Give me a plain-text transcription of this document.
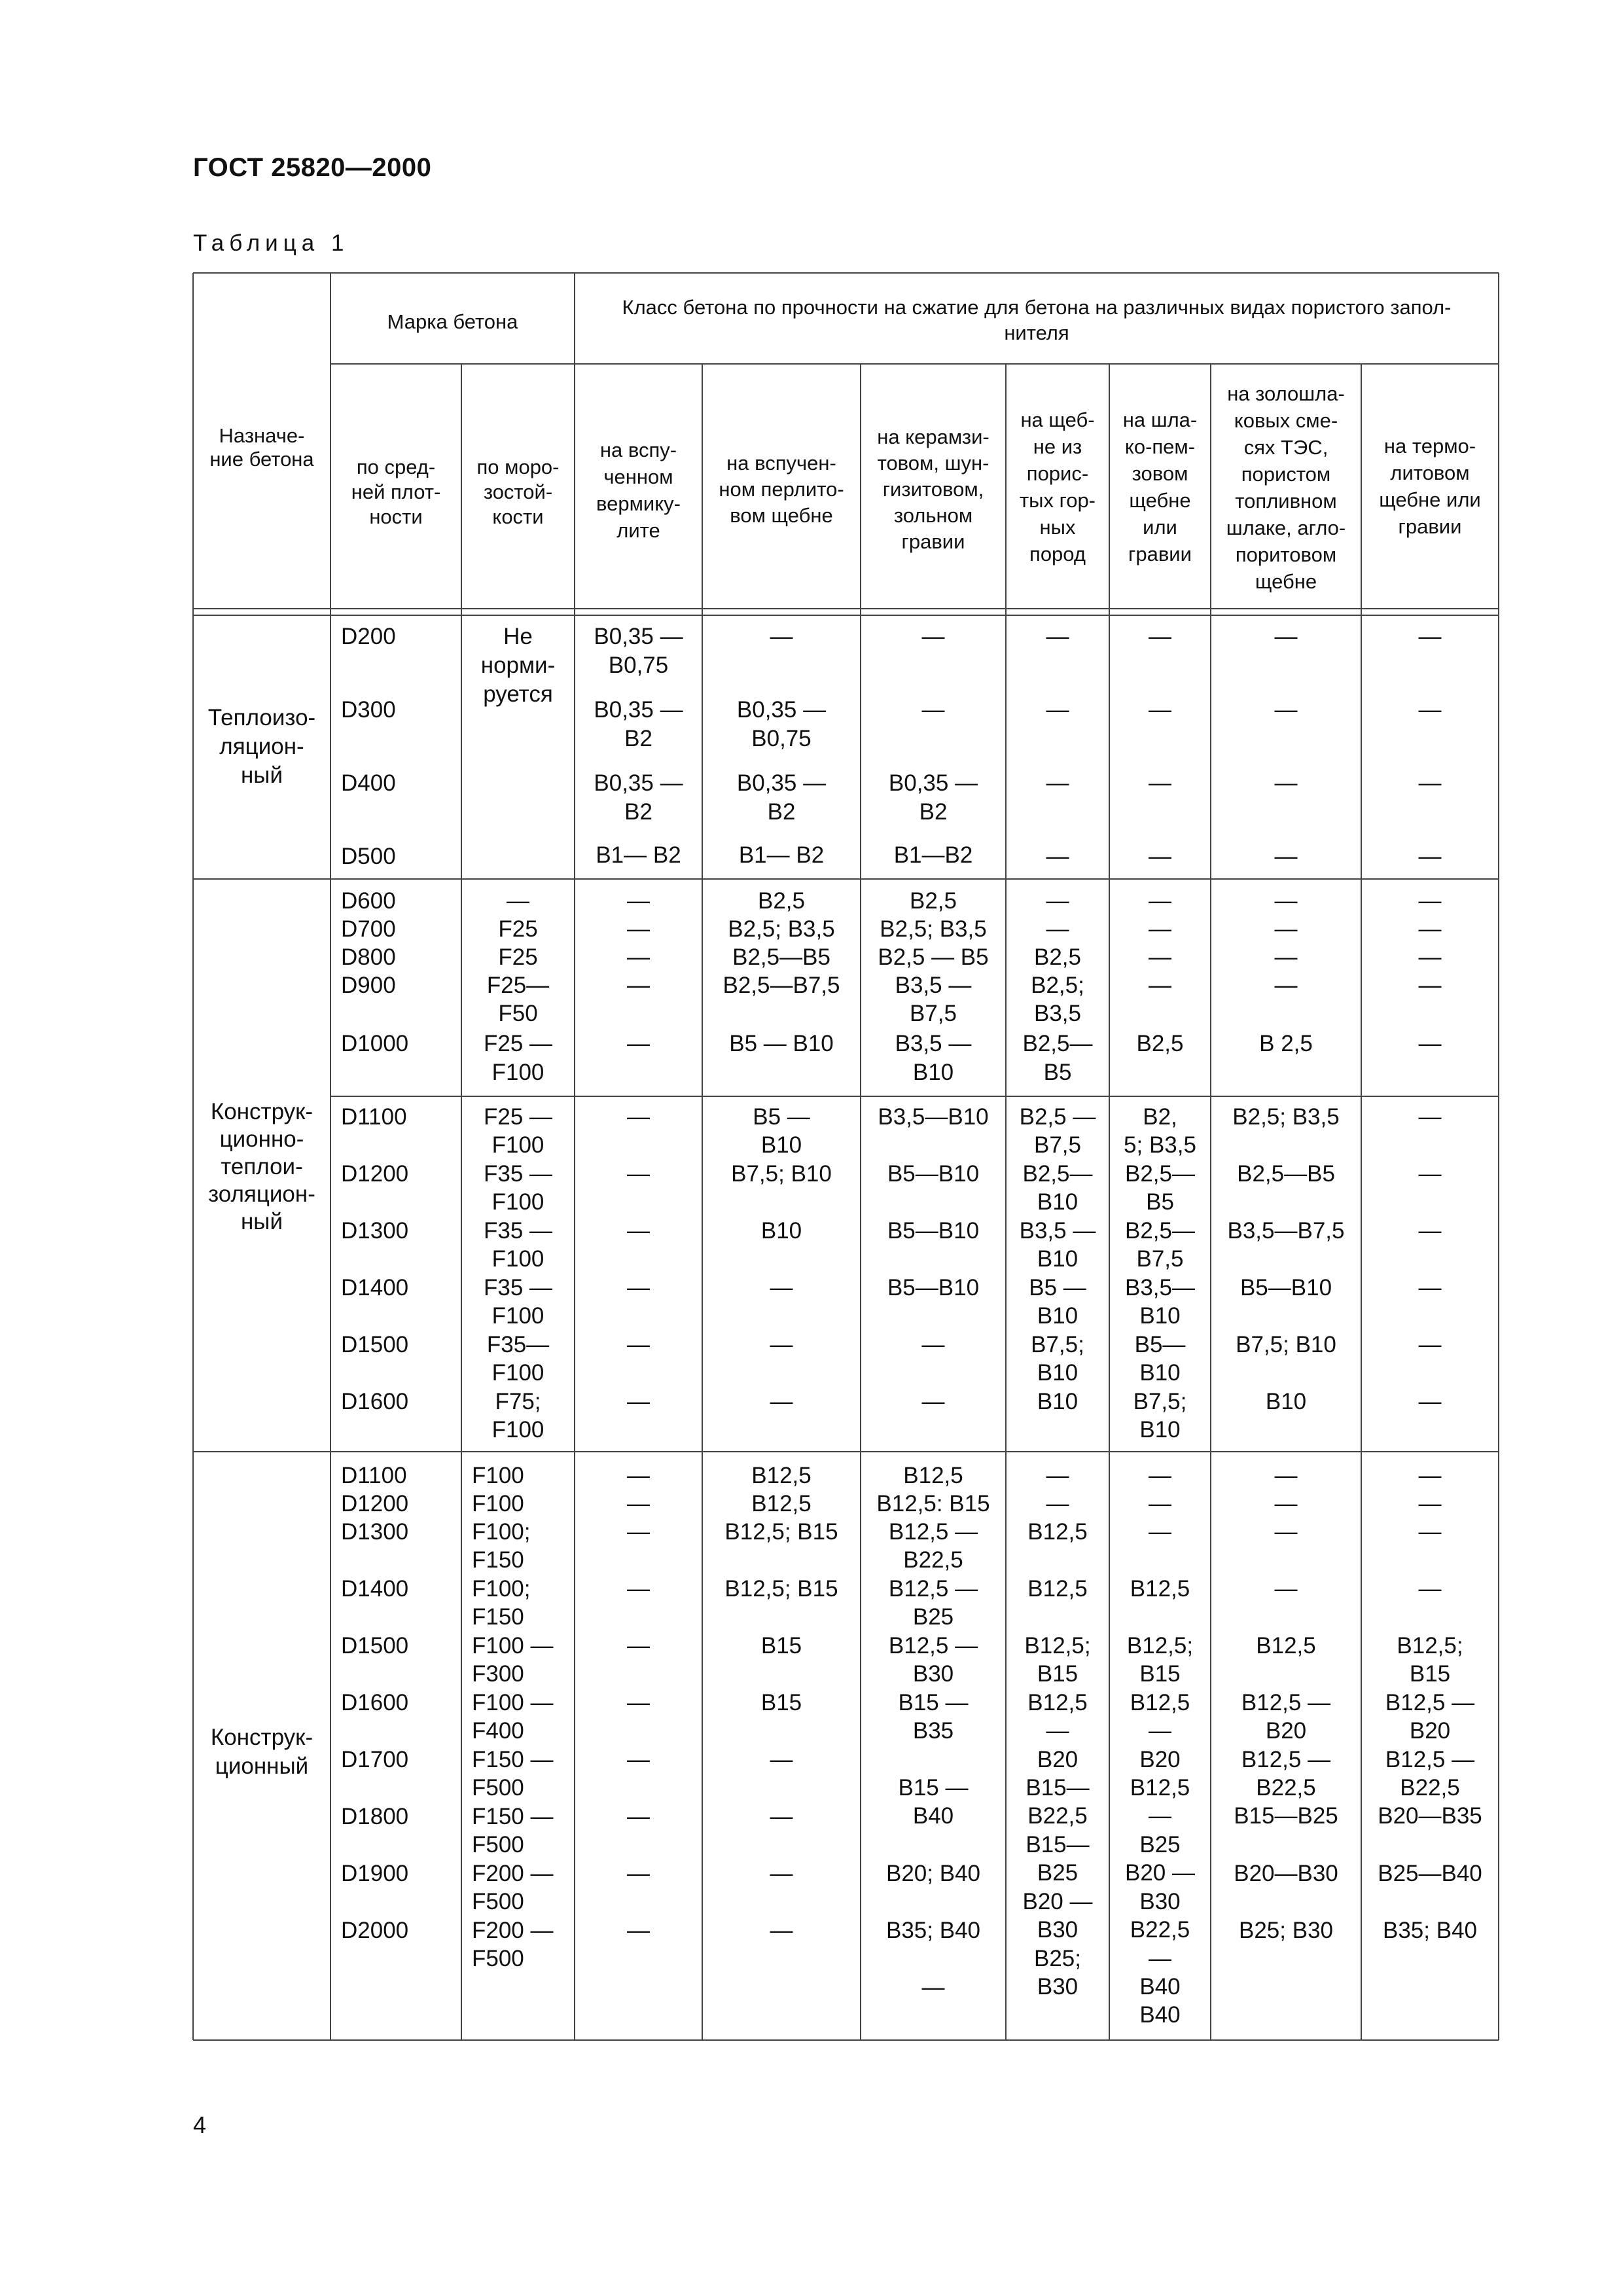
ГОСТ 25820—2000
Таблица 1
4
Назначе-
ние бетона
Марка бетона
Класс бетона по прочности на сжатие для бетона на различных видах пористого запол-
нителя
по сред-
ней плот-
ности
по моро-
зостой-
кости
на вспу-
ченном
вермику-
лите
на вспучен-
ном перлито-
вом щебне
на керамзи-
товом, шун-
гизитовом,
зольном
гравии
на щеб-
не из
порис-
тых гор-
ных
пород
на шла-
ко-пем-
зовом
щебне
или
гравии
на золошла-
ковых сме-
сях ТЭС,
пористом
топливном
шлаке, агло-
поритовом
щебне
на термо-
литовом
щебне или
гравии
Теплоизо-
ляцион-
ный
D200
D300
D400
D500
Не
норми-
руется
B0,35 —
B0,75
B0,35 —
B2
B0,35 —
B2
B1— B2
—
B0,35 —
B0,75
B0,35 —
B2
B1— B2
—
—
B0,35 —
B2
B1—B2
—
—
—
—
—
—
—
—
—
—
—
—
—
—
—
—
Конструк-
ционно-
теплои-
золяцион-
ный
D600
D700
D800
D900
D1000
—
F25
F25
F25—
F50
F25 —
F100
—
—
—
—
—
B2,5
B2,5; B3,5
B2,5—B5
B2,5—B7,5
B5 — B10
B2,5
B2,5; B3,5
B2,5 — B5
B3,5 —
B7,5
B3,5 —
B10
—
—
B2,5
B2,5;
B3,5
B2,5—
B5
—
—
—
—
B2,5
—
—
—
—
B 2,5
—
—
—
—
—
D1100
D1200
D1300
D1400
D1500
D1600
F25 —
F100
F35 —
F100
F35 —
F100
F35 —
F100
F35—
F100
F75;
F100
—
—
—
—
—
—
B5 —
B10
B7,5; B10
B10
—
—
—
B3,5—B10
B5—B10
B5—B10
B5—B10
—
—
B2,5 —
B7,5
B2,5—
B10
B3,5 —
B10
B5 —
B10
B7,5;
B10
B10
B2,
5; B3,5
B2,5—
B5
B2,5—
B7,5
B3,5—
B10
B5—
B10
B7,5;
B10
B2,5; B3,5
B2,5—B5
B3,5—B7,5
B5—B10
B7,5; B10
B10
—
—
—
—
—
—
Конструк-
ционный
D1100
D1200
D1300
D1400
D1500
D1600
D1700
D1800
D1900
D2000
F100
F100
F100;
F150
F100;
F150
F100 —
F300
F100 —
F400
F150 —
F500
F150 —
F500
F200 —
F500
F200 —
F500
—
—
—
—
—
—
—
—
—
—
B12,5
B12,5
B12,5; B15
B12,5; B15
B15
B15
—
—
—
—
B12,5
B12,5: B15
B12,5 —
B22,5
B12,5 —
B25
B12,5 —
B30
B15 —
B35
B15 —
B40
B20; B40
B35; B40
—
—
—
B12,5
B12,5
B12,5;
B15
B12,5
—
B20
B15—
B22,5
B15—
B25
B20 —
B30
B25;
B30
—
—
—
B12,5
B12,5;
B15
B12,5
—
B20
B12,5
—
B25
B20 —
B30
B22,5
—
B40
B40
—
—
—
—
B12,5
B12,5 —
B20
B12,5 —
B22,5
B15—B25
B20—B30
B25; B30
—
—
—
—
B12,5;
B15
B12,5 —
B20
B12,5 —
B22,5
B20—B35
B25—B40
B35; B40
